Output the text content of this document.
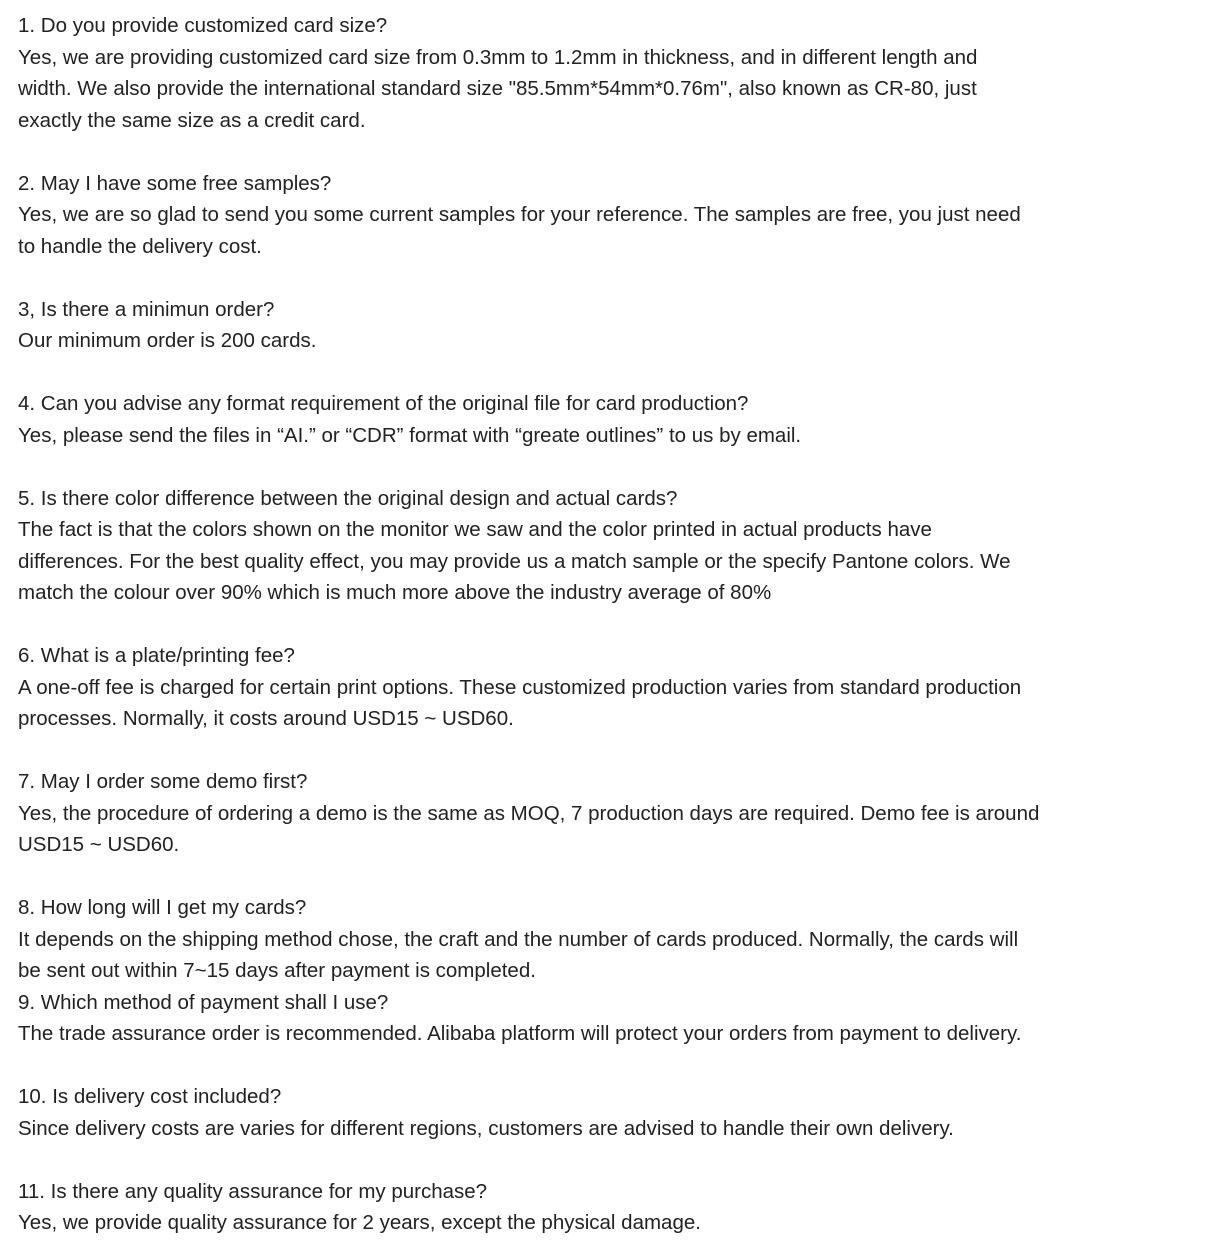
1. Do you provide customized card size?

Yes, we are providing customized card size from 0.3mm to 1.2mm in thickness, and in different length and
width. We also provide the international standard size "85.5mm*54mm*0.76m", also known as CR-80, just
exactly the same size as a credit card.

2. May I have some free samples?

Yes, we are so glad to send you some current samples for your reference. The samples are free, you just need
to handle the delivery cost.

3, Is there a minimun order?

Our minimum order is 200 cards.

4. Can you advise any format requirement of the original file for card production?

Yes, please send the files in “AI.” or “CDR” format with “greate outlines” to us by email.

5. Is there color difference between the original design and actual cards?

The fact is that the colors shown on the monitor we saw and the color printed in actual products have
differences. For the best quality effect, you may provide us a match sample or the specify Pantone colors. We
match the colour over 90% which is much more above the industry average of 80%

6. What is a plate/printing fee?

A one-off fee is charged for certain print options. These customized production varies from standard production
processes. Normally, it costs around USD15 ~ USD60.

7. May I order some demo first?

Yes, the procedure of ordering a demo is the same as MOQ, 7 production days are required. Demo fee is around
USD15 ~ USD60.

8. How long will I get my cards?

It depends on the shipping method chose, the craft and the number of cards produced. Normally, the cards will
be sent out within 7~15 days after payment is completed.

9. Which method of payment shall I use?

The trade assurance order is recommended. Alibaba platform will protect your orders from payment to delivery.

10. Is delivery cost included?

Since delivery costs are varies for different regions, customers are advised to handle their own delivery.

11. Is there any quality assurance for my purchase?

Yes, we provide quality assurance for 2 years, except the physical damage.
